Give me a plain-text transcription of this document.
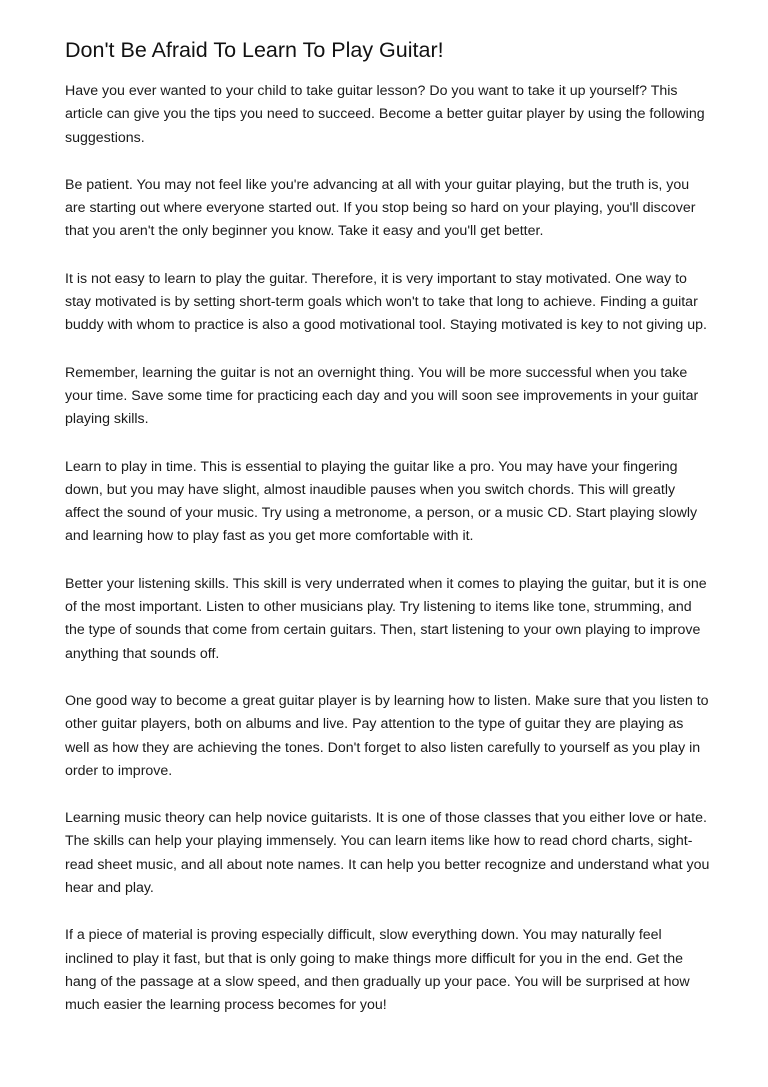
Don't Be Afraid To Learn To Play Guitar!

Have you ever wanted to your child to take guitar lesson? Do you want to take it up yourself? This article can give you the tips you need to succeed. Become a better guitar player by using the following suggestions.

Be patient. You may not feel like you're advancing at all with your guitar playing, but the truth is, you are starting out where everyone started out. If you stop being so hard on your playing, you'll discover that you aren't the only beginner you know. Take it easy and you'll get better.

It is not easy to learn to play the guitar. Therefore, it is very important to stay motivated. One way to stay motivated is by setting short-term goals which won't to take that long to achieve. Finding a guitar buddy with whom to practice is also a good motivational tool. Staying motivated is key to not giving up.

Remember, learning the guitar is not an overnight thing. You will be more successful when you take your time. Save some time for practicing each day and you will soon see improvements in your guitar playing skills.

Learn to play in time. This is essential to playing the guitar like a pro. You may have your fingering down, but you may have slight, almost inaudible pauses when you switch chords. This will greatly affect the sound of your music. Try using a metronome, a person, or a music CD. Start playing slowly and learning how to play fast as you get more comfortable with it.

Better your listening skills. This skill is very underrated when it comes to playing the guitar, but it is one of the most important. Listen to other musicians play. Try listening to items like tone, strumming, and the type of sounds that come from certain guitars. Then, start listening to your own playing to improve anything that sounds off.

One good way to become a great guitar player is by learning how to listen. Make sure that you listen to other guitar players, both on albums and live. Pay attention to the type of guitar they are playing as well as how they are achieving the tones. Don't forget to also listen carefully to yourself as you play in order to improve.

Learning music theory can help novice guitarists. It is one of those classes that you either love or hate. The skills can help your playing immensely. You can learn items like how to read chord charts, sight-read sheet music, and all about note names. It can help you better recognize and understand what you hear and play.

If a piece of material is proving especially difficult, slow everything down. You may naturally feel inclined to play it fast, but that is only going to make things more difficult for you in the end. Get the hang of the passage at a slow speed, and then gradually up your pace. You will be surprised at how much easier the learning process becomes for you!
